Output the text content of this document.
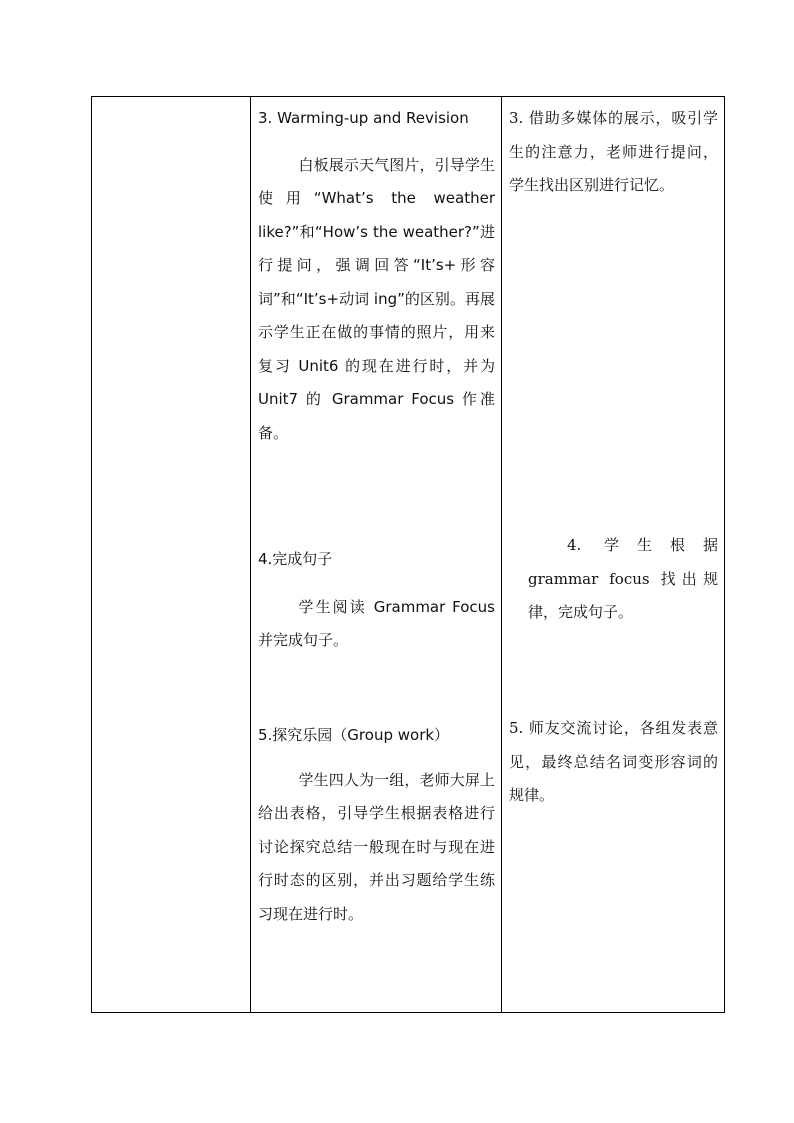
3. Warming-up and Revision

白板展示天气图片，引导学生使用“What’s the weather like?”和“How’s the weather?”进行提问，强调回答“It’s+形容词”和“It’s+动词 ing”的区别。再展示学生正在做的事情的照片，用来复习 Unit6 的现在进行时，并为 Unit7 的 Grammar Focus 作准备。

4.完成句子

学生阅读 Grammar Focus 并完成句子。

5.探究乐园（Group work）

学生四人为一组，老师大屏上给出表格，引导学生根据表格进行讨论探究总结一般现在时与现在进行时态的区别，并出习题给学生练习现在进行时。

3. 借助多媒体的展示，吸引学生的注意力，老师进行提问，学生找出区别进行记忆。

4. 学生根据 grammar focus 找出规律，完成句子。

5. 师友交流讨论，各组发表意见，最终总结名词变形容词的规律。
